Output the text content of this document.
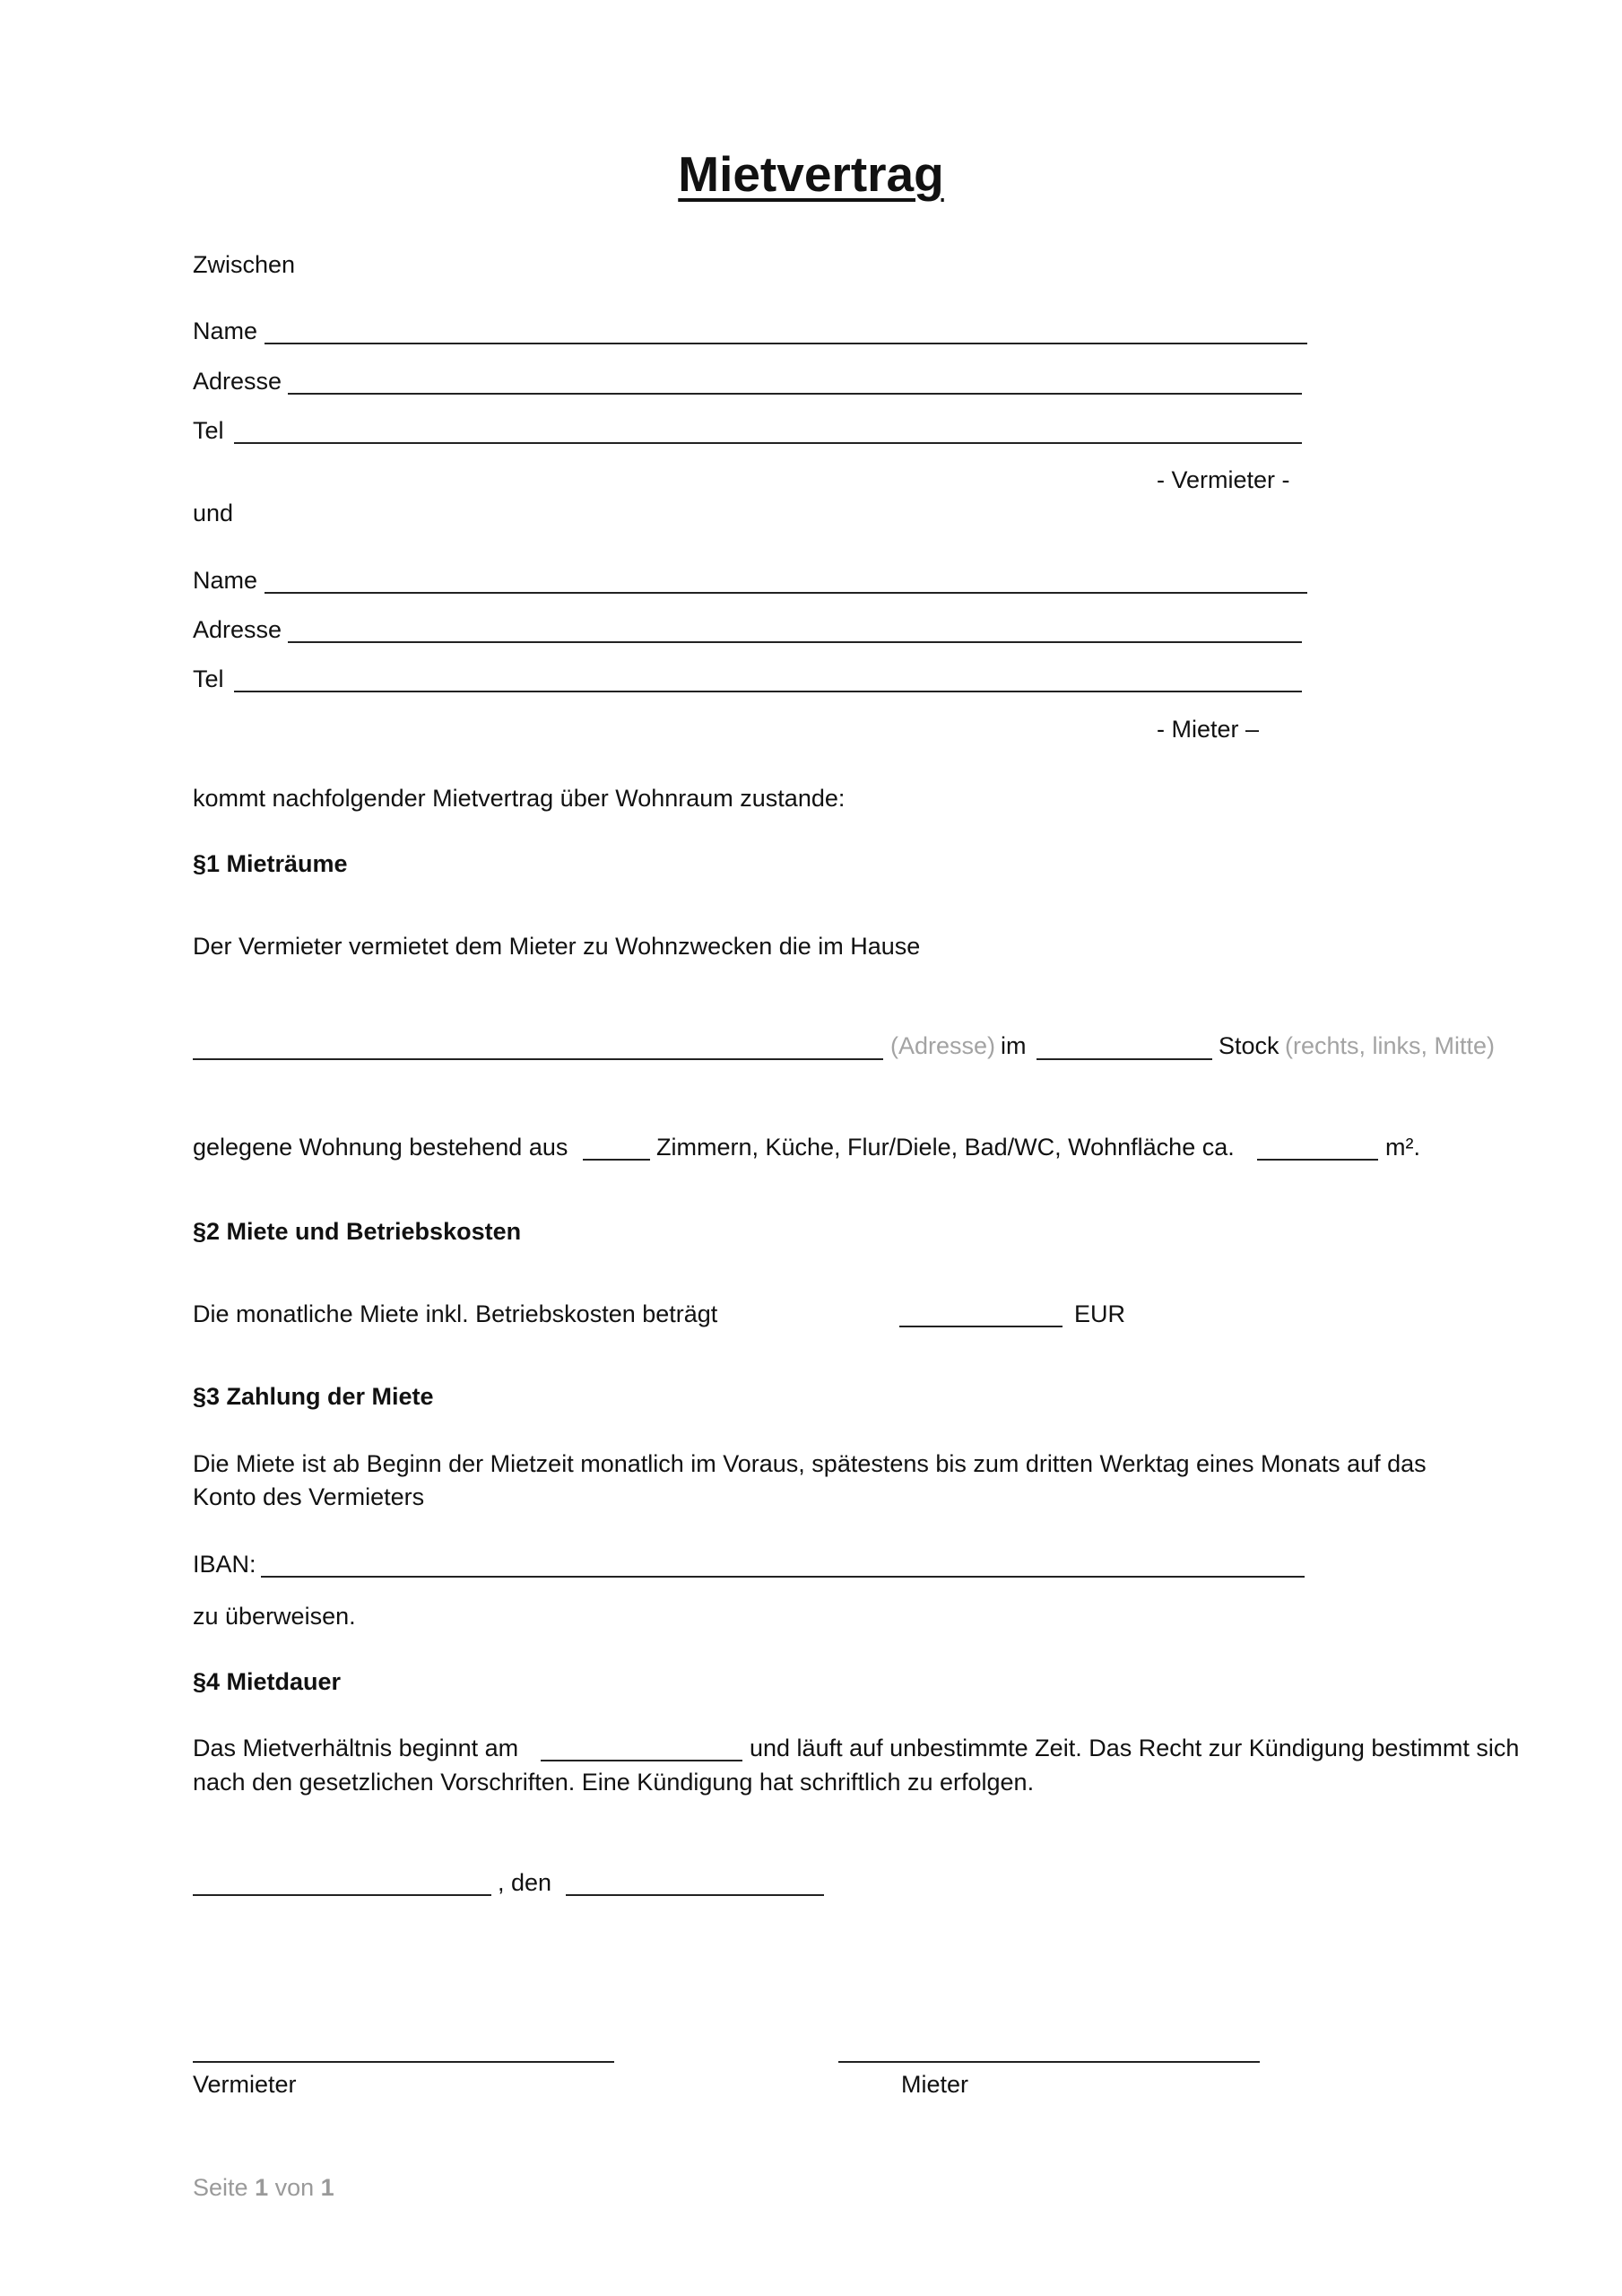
Mietvertrag
Zwischen
Name
Adresse
Tel
- Vermieter -
und
Name
Adresse
Tel
- Mieter –
kommt nachfolgender Mietvertrag über Wohnraum zustande:
§1 Mieträume
Der Vermieter vermietet dem Mieter zu Wohnzwecken die im Hause
(Adresse) im	Stock (rechts, links, Mitte)
gelegene Wohnung bestehend aus	Zimmern, Küche, Flur/Diele, Bad/WC, Wohnfläche ca.	m².
§2 Miete und Betriebskosten
Die monatliche Miete inkl. Betriebskosten beträgt	EUR
§3 Zahlung der Miete
Die Miete ist ab Beginn der Mietzeit monatlich im Voraus, spätestens bis zum dritten Werktag eines Monats auf das
Konto des Vermieters
IBAN:
zu überweisen.
§4 Mietdauer
Das Mietverhältnis beginnt am	und läuft auf unbestimmte Zeit. Das Recht zur Kündigung bestimmt sich
nach den gesetzlichen Vorschriften. Eine Kündigung hat schriftlich zu erfolgen.
, den
Vermieter	Mieter
Seite 1 von 1
